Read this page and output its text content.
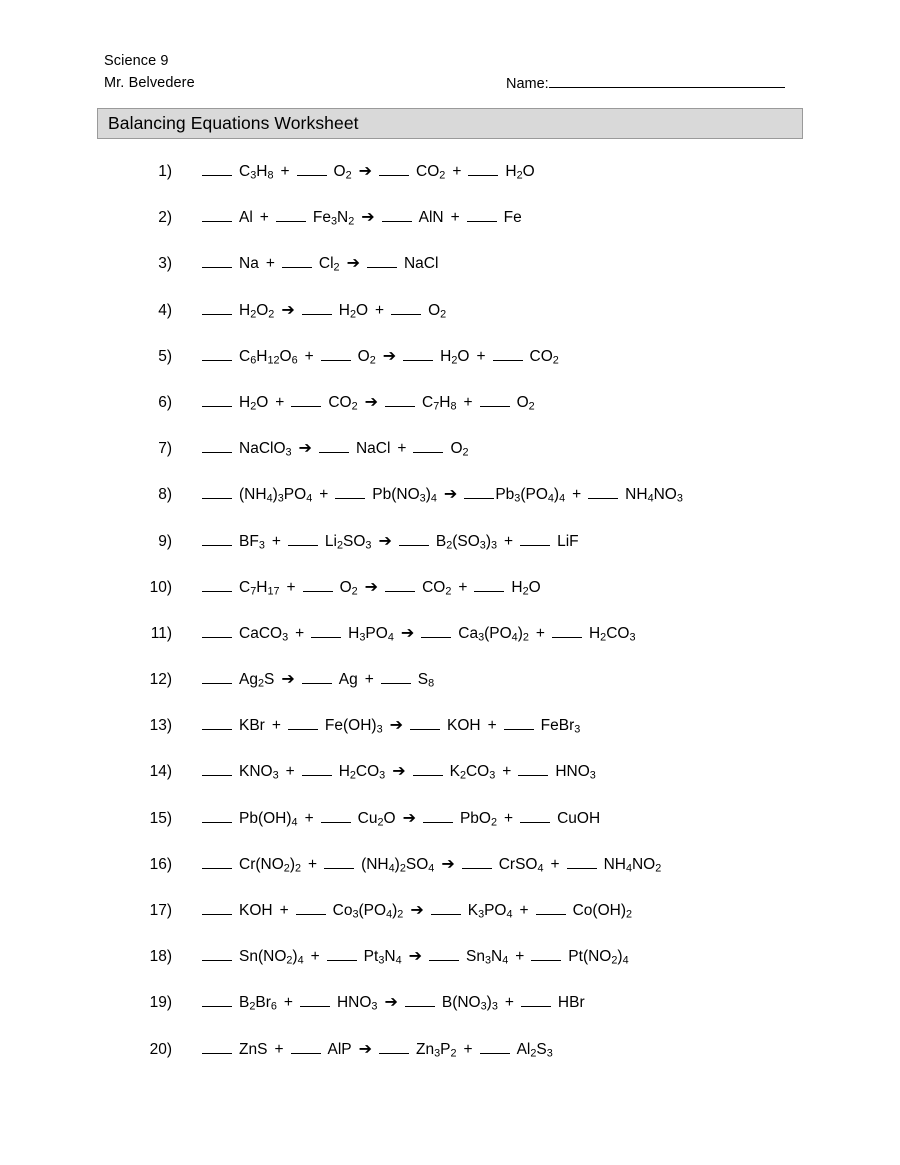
Science 9
Mr. Belvedere	Name:
Balancing Equations Worksheet
1)	$C_3H_8$ +	$O_2$ ➔	$CO_2$ +	$H_2O$
2)	Al +	$Fe_3N_2$ ➔	AlN +	Fe
3)	Na +	$Cl_2$ ➔	NaCl
4)	$H_2O_2$ ➔	$H_2O$ +	$O_2$
5)	$C_6H_{12}O_6$ +	$O_2$ ➔	$H_2O$ +	$CO_2$
6)	$H_2O$ +	$CO_2$ ➔	$C_7H_8$ +	$O_2$
7)	NaClO$_3$ ➔	NaCl +	$O_2$
8)	$(NH_4)_3PO_4$ +	$Pb(NO_3)_4$ ➔ $Pb_3(PO_4)_4$ +	$NH_4NO_3$
9)	$BF_3$ +	$Li_2SO_3$ ➔	$B_2(SO_3)_3$ +	LiF
10)	$C_7H_{17}$ +	$O_2$ ➔	$CO_2$ +	$H_2O$
11)	CaCO$_3$ +	$H_3PO_4$ ➔	$Ca_3(PO_4)_2$ +	$H_2CO_3$
12)	$Ag_2S$ ➔	Ag +	$S_8$
13)	KBr +	$Fe(OH)_3$ ➔	KOH +	FeBr$_3$
14)	$KNO_3$ +	$H_2CO_3$ ➔	$K_2CO_3$ +	$HNO_3$
15)	$Pb(OH)_4$ +	$Cu_2O$ ➔	PbO$_2$ +	CuOH
16)	$Cr(NO_2)_2$ +	$(NH_4)_2SO_4$ ➔	CrSO$_4$ +	$NH_4NO_2$
17)	KOH +	$Co_3(PO_4)_2$ ➔	$K_3PO_4$ +	$Co(OH)_2$
18)	$Sn(NO_2)_4$ +	$Pt_3N_4$ ➔	$Sn_3N_4$ +	$Pt(NO_2)_4$
19)	$B_2Br_6$ +	$HNO_3$ ➔	$B(NO_3)_3$ +	HBr
20)	ZnS +	AlP ➔	$Zn_3P_2$ +	$Al_2S_3$
